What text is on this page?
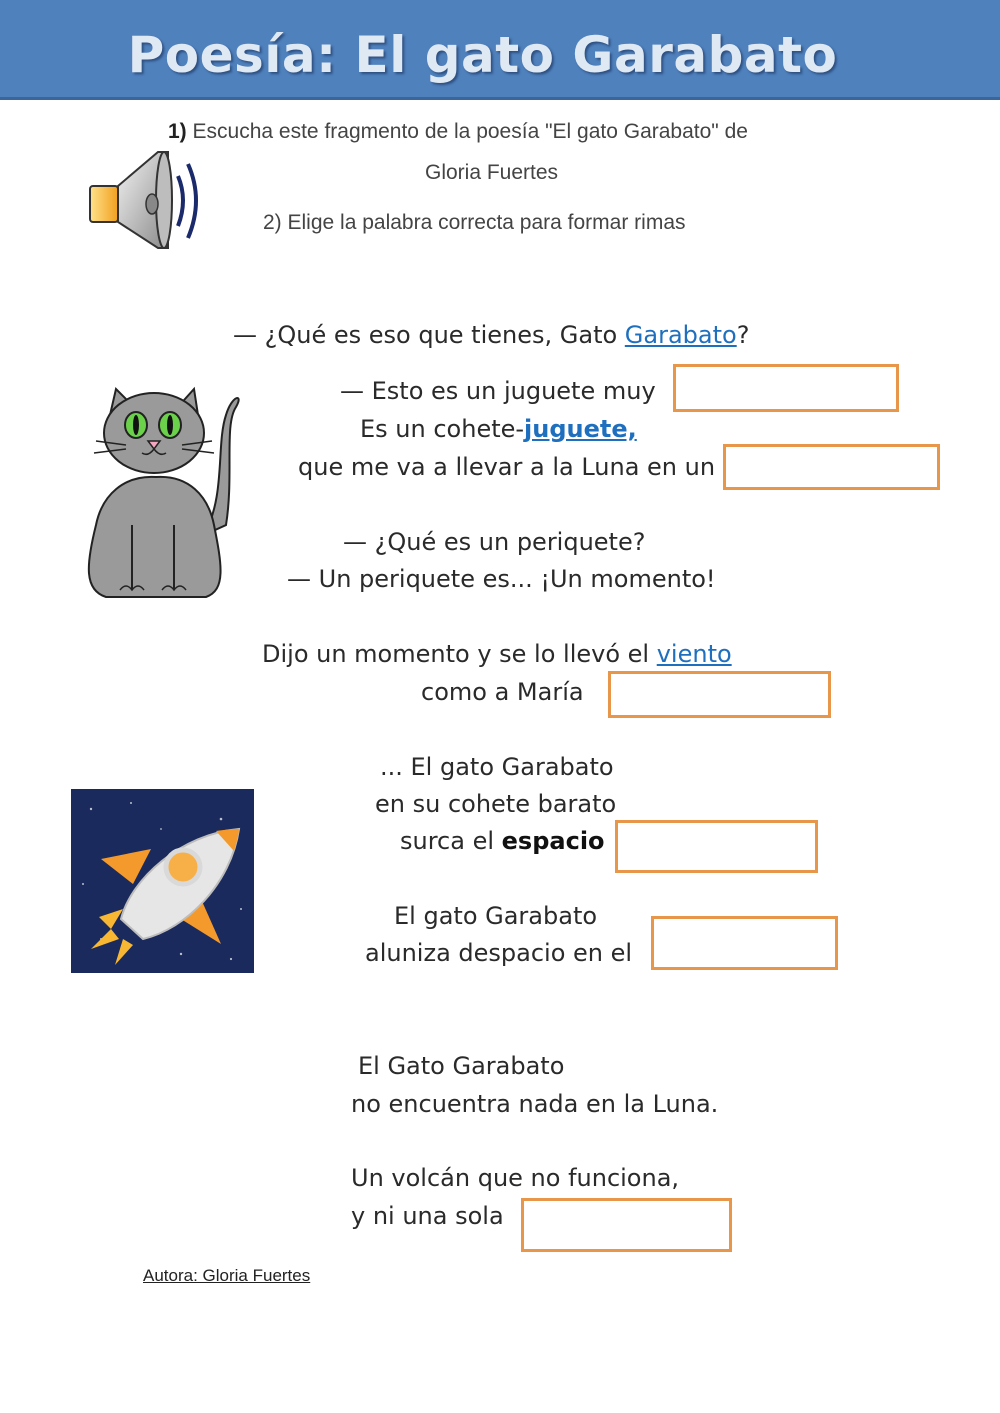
Poesía: El gato Garabato
1) Escucha este fragmento de la poesía "El gato Garabato" de
Gloria Fuertes
2) Elige la palabra correcta para formar rimas
— ¿Qué es eso que tienes, Gato Garabato?
— Esto es un juguete muy
Es un cohete-juguete,
que me va a llevar a la Luna en un
— ¿Qué es un periquete?
— Un periquete es... ¡Un momento!
Dijo un momento y se lo llevó el viento
como a María
... El gato Garabato
en su cohete barato
surca el espacio
El gato Garabato
aluniza despacio en el
El Gato Garabato
no encuentra nada en la Luna.
Un volcán que no funciona,
y ni una sola
Autora: Gloria Fuertes
